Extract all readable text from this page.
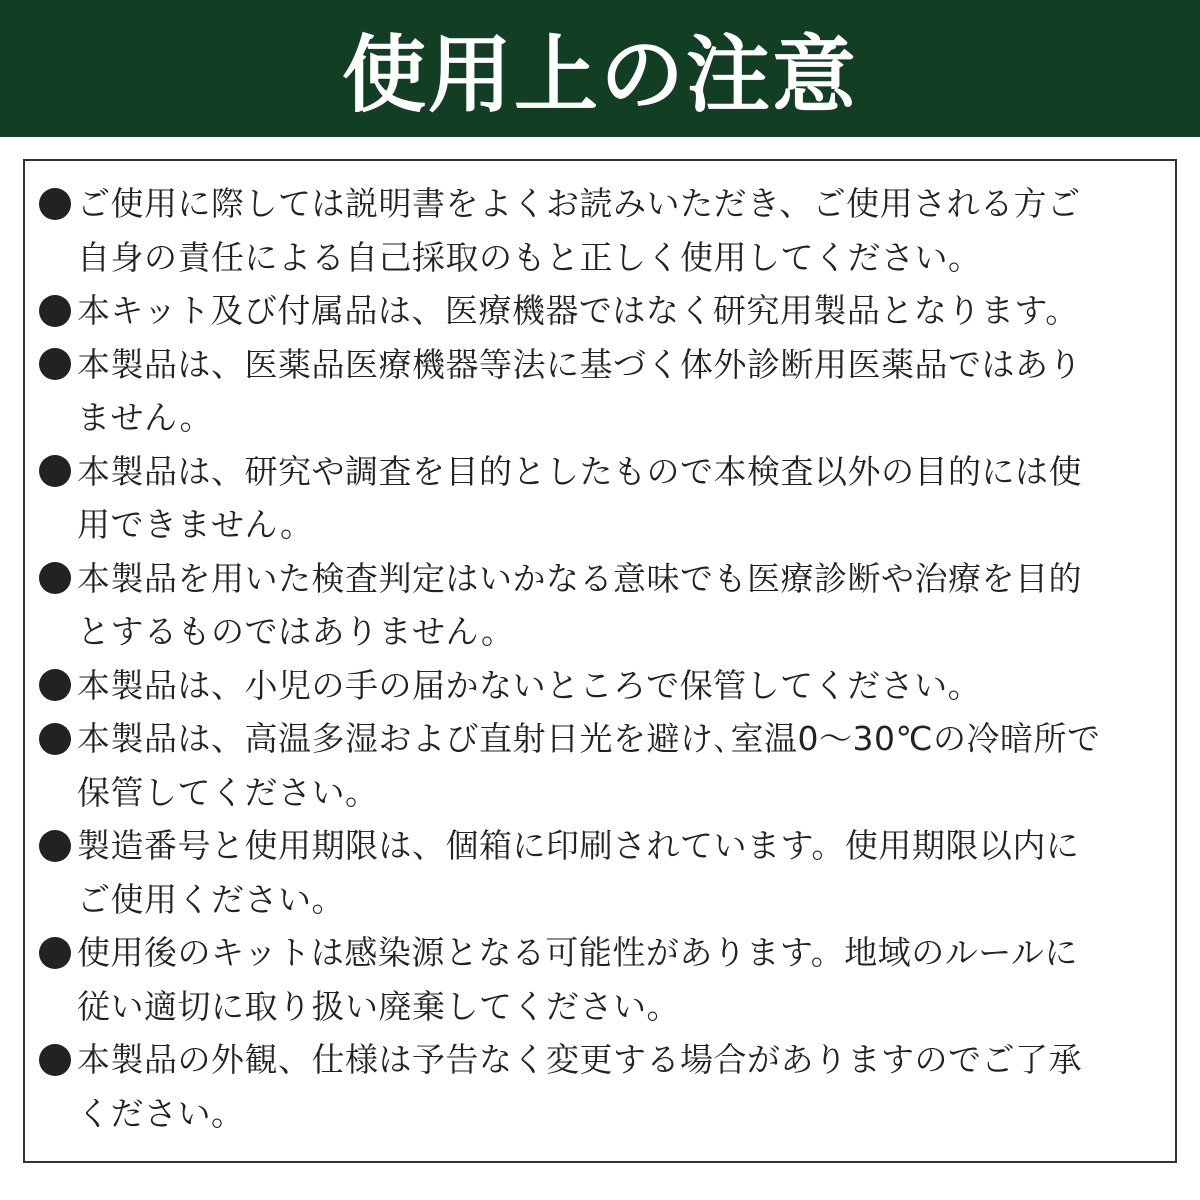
使用上の注意
ご使用に際しては説明書をよくお読みいただき、ご使用される方ご
自身の責任による自己採取のもと正しく使用してください。
本キット及び付属品は、医療機器ではなく研究用製品となります。
本製品は、医薬品医療機器等法に基づく体外診断用医薬品ではあり
ません。
本製品は、研究や調査を目的としたもので本検査以外の目的には使
用できません。
本製品を用いた検査判定はいかなる意味でも医療診断や治療を目的
とするものではありません。
本製品は、小児の手の届かないところで保管してください。
本製品は、高温多湿および直射日光を避け､室温0〜30℃の冷暗所で
保管してください。
製造番号と使用期限は、個箱に印刷されています。使用期限以内に
ご使用ください。
使用後のキットは感染源となる可能性があります。地域のルールに
従い適切に取り扱い廃棄してください。
本製品の外観、仕様は予告なく変更する場合がありますのでご了承
ください。
